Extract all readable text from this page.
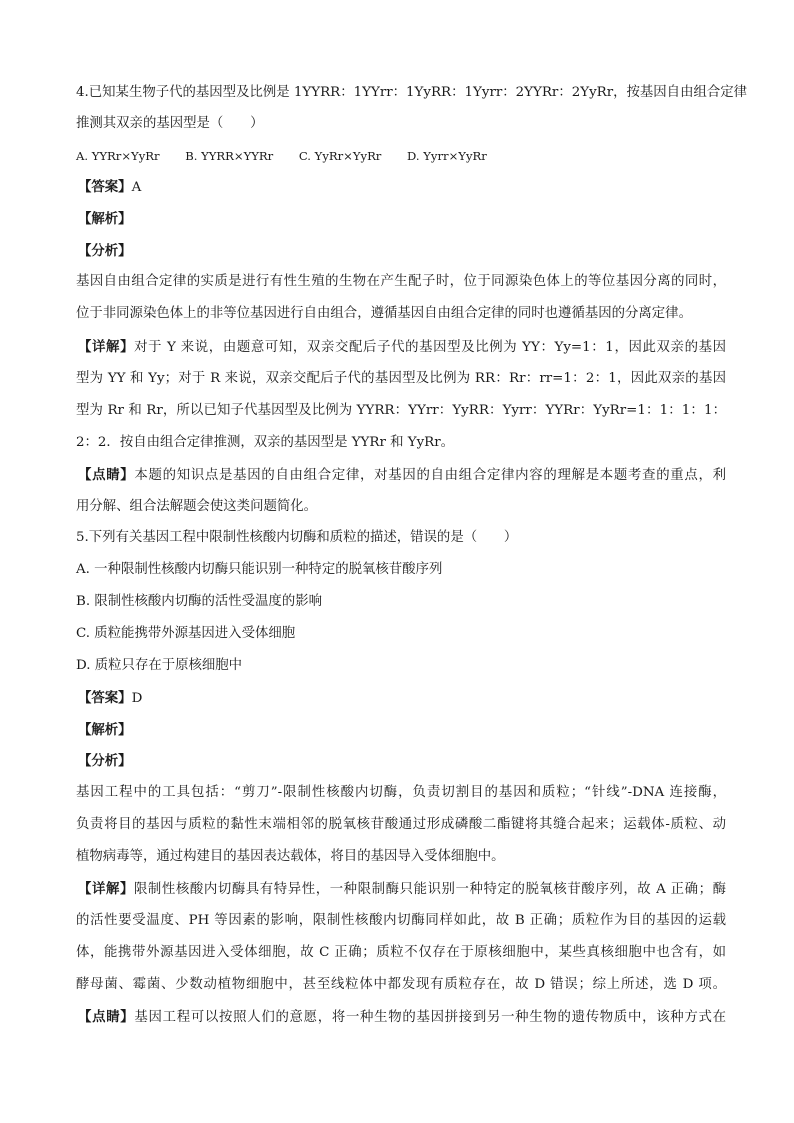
4.已知某生物子代的基因型及比例是 1YYRR：1YYrr：1YyRR：1Yyrr：2YYRr：2YyRr，按基因自由组合定律
推测其双亲的基因型是（　　）
A. YYRr×YyRr B. YYRR×YYRr C. YyRr×YyRr D. Yyrr×YyRr
【答案】A
【解析】
【分析】
基因自由组合定律的实质是进行有性生殖的生物在产生配子时，位于同源染色体上的等位基因分离的同时，
位于非同源染色体上的非等位基因进行自由组合，遵循基因自由组合定律的同时也遵循基因的分离定律。
【详解】对于 Y 来说，由题意可知，双亲交配后子代的基因型及比例为 YY：Yy=1：1，因此双亲的基因
型为 YY 和 Yy；对于 R 来说，双亲交配后子代的基因型及比例为 RR：Rr：rr=1：2：1，因此双亲的基因
型为 Rr 和 Rr，所以已知子代基因型及比例为 YYRR：YYrr：YyRR：Yyrr：YYRr：YyRr=1：1：1：1：
2：2．按自由组合定律推测，双亲的基因型是 YYRr 和 YyRr。
【点睛】本题的知识点是基因的自由组合定律，对基因的自由组合定律内容的理解是本题考查的重点，利
用分解、组合法解题会使这类问题简化。
5.下列有关基因工程中限制性核酸内切酶和质粒的描述，错误的是（　　）
A. 一种限制性核酸内切酶只能识别一种特定的脱氧核苷酸序列
B. 限制性核酸内切酶的活性受温度的影响
C. 质粒能携带外源基因进入受体细胞
D. 质粒只存在于原核细胞中
【答案】D
【解析】
【分析】
基因工程中的工具包括：“剪刀”-限制性核酸内切酶，负责切割目的基因和质粒；“针线”-DNA 连接酶，
负责将目的基因与质粒的黏性末端相邻的脱氧核苷酸通过形成磷酸二酯键将其缝合起来；运载体-质粒、动
植物病毒等，通过构建目的基因表达载体，将目的基因导入受体细胞中。
【详解】限制性核酸内切酶具有特异性，一种限制酶只能识别一种特定的脱氧核苷酸序列，故 A 正确；酶
的活性要受温度、PH 等因素的影响，限制性核酸内切酶同样如此，故 B 正确；质粒作为目的基因的运载
体，能携带外源基因进入受体细胞，故 C 正确；质粒不仅存在于原核细胞中，某些真核细胞中也含有，如
酵母菌、霉菌、少数动植物细胞中，甚至线粒体中都发现有质粒存在，故 D 错误；综上所述，选 D 项。
【点睛】基因工程可以按照人们的意愿，将一种生物的基因拼接到另一种生物的遗传物质中，该种方式在
